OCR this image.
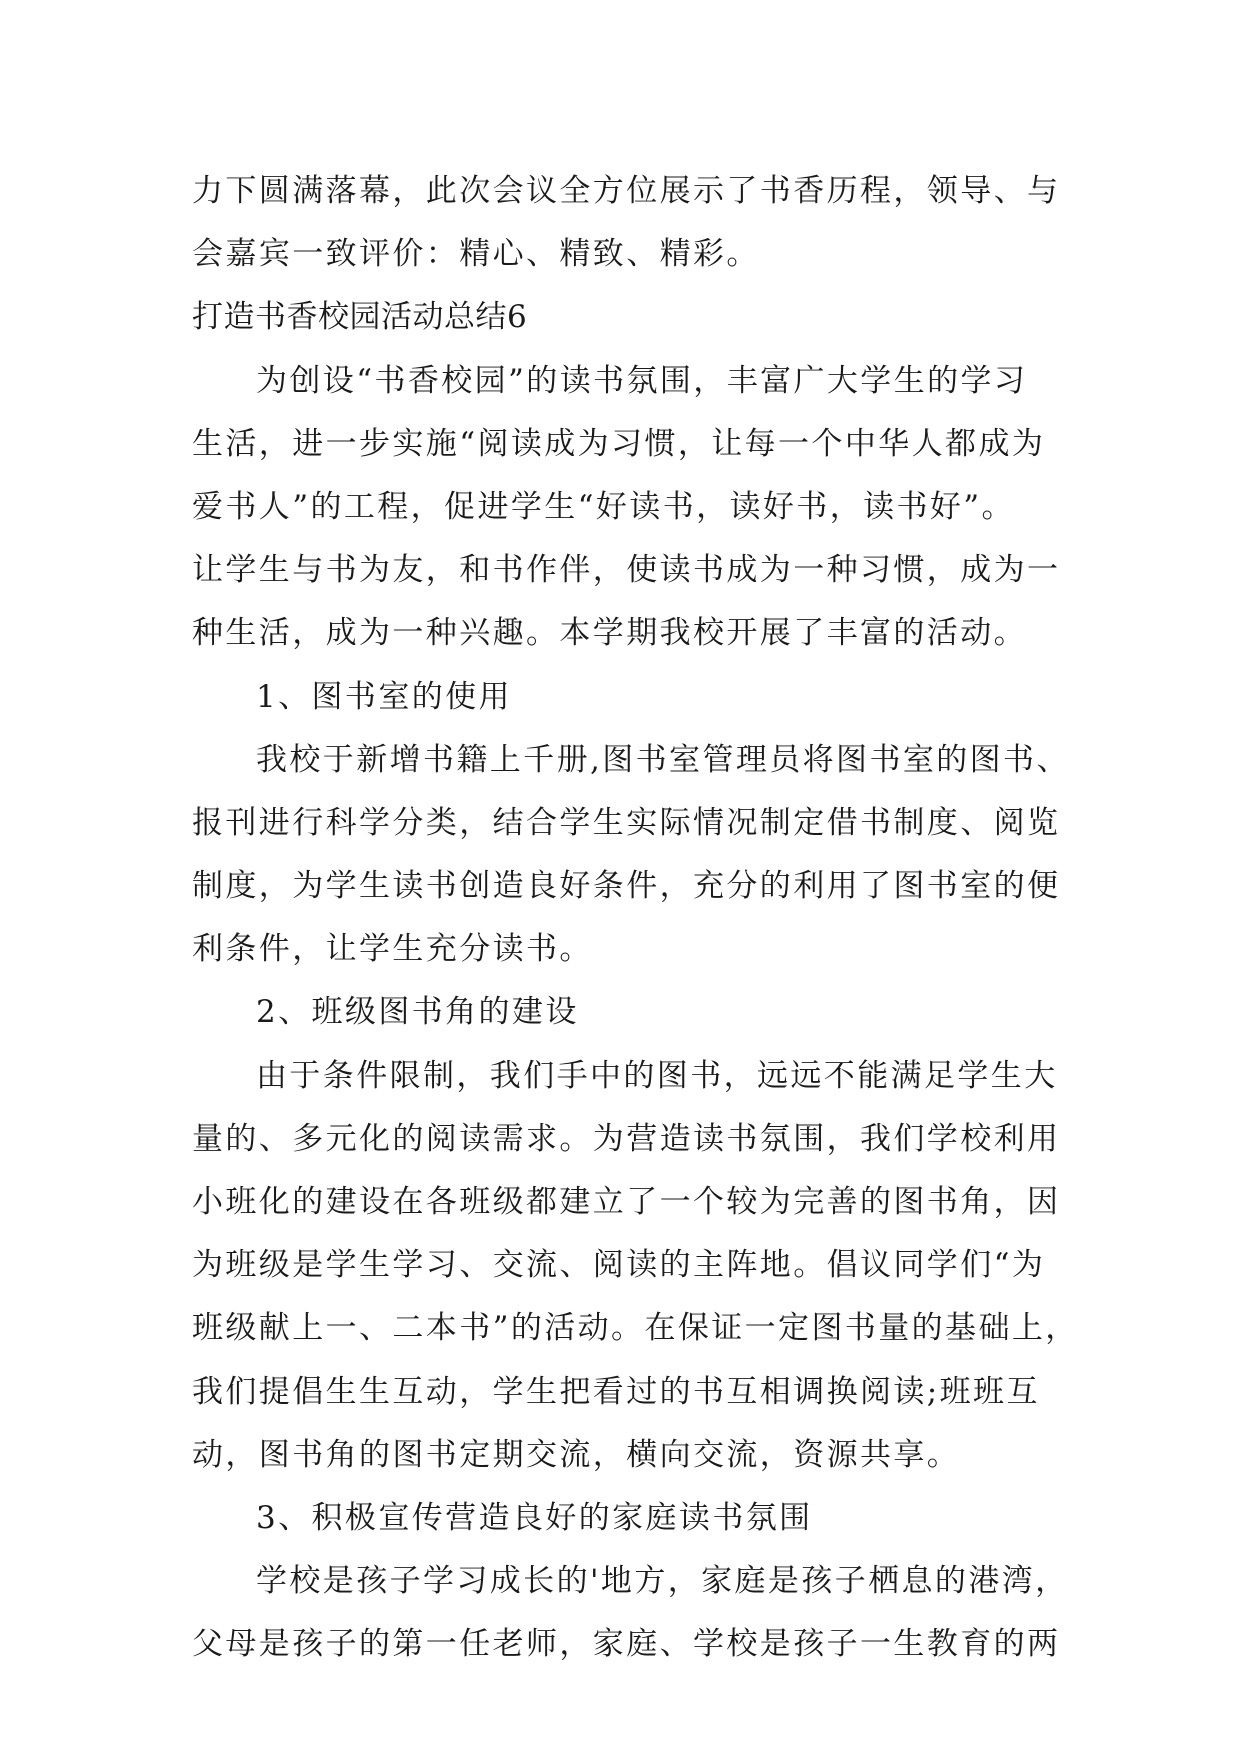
力下圆满落幕，此次会议全方位展示了书香历程，领导、与
会嘉宾一致评价：精心、精致、精彩。
打造书香校园活动总结6
为创设“书香校园”的读书氛围，丰富广大学生的学习
生活，进一步实施“阅读成为习惯，让每一个中华人都成为
爱书人”的工程，促进学生“好读书，读好书，读书好”。
让学生与书为友，和书作伴，使读书成为一种习惯，成为一
种生活，成为一种兴趣。本学期我校开展了丰富的活动。
1、图书室的使用
我校于新增书籍上千册,图书室管理员将图书室的图书、
报刊进行科学分类，结合学生实际情况制定借书制度、阅览
制度，为学生读书创造良好条件，充分的利用了图书室的便
利条件，让学生充分读书。
2、班级图书角的建设
由于条件限制，我们手中的图书，远远不能满足学生大
量的、多元化的阅读需求。为营造读书氛围，我们学校利用
小班化的建设在各班级都建立了一个较为完善的图书角，因
为班级是学生学习、交流、阅读的主阵地。倡议同学们“为
班级献上一、二本书”的活动。在保证一定图书量的基础上，
我们提倡生生互动，学生把看过的书互相调换阅读;班班互
动，图书角的图书定期交流，横向交流，资源共享。
3、积极宣传营造良好的家庭读书氛围
学校是孩子学习成长的'地方，家庭是孩子栖息的港湾，
父母是孩子的第一任老师，家庭、学校是孩子一生教育的两
